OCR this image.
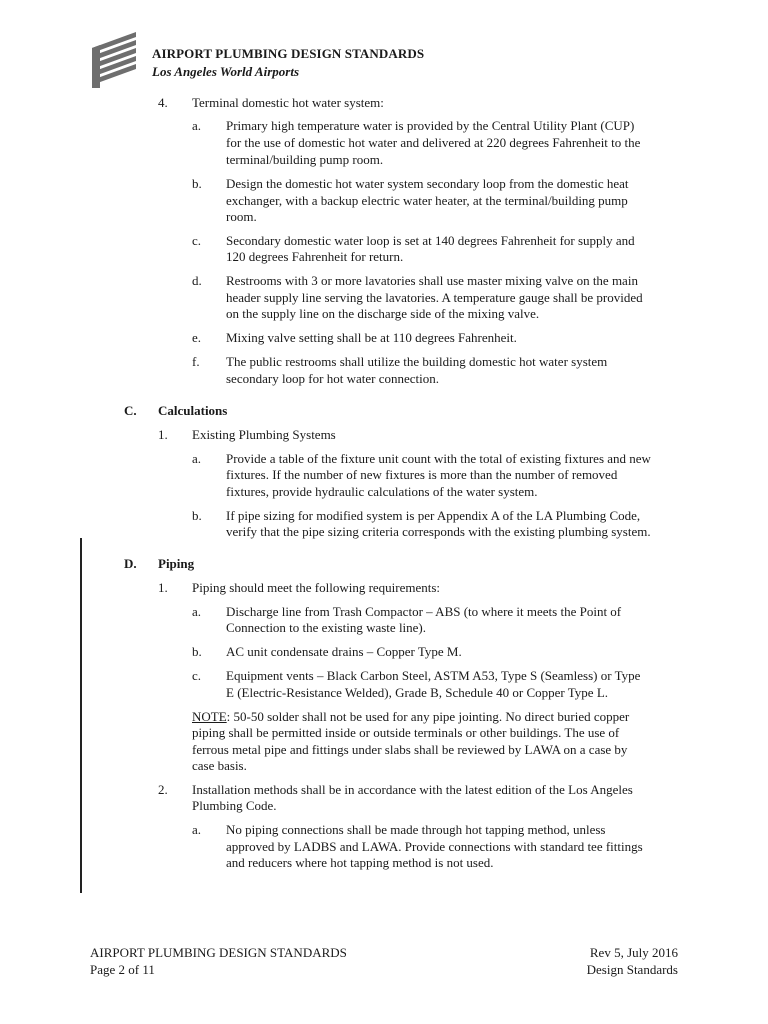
AIRPORT PLUMBING DESIGN STANDARDS
Los Angeles World Airports
4. Terminal domestic hot water system:
a. Primary high temperature water is provided by the Central Utility Plant (CUP)
for the use of domestic hot water and delivered at 220 degrees Fahrenheit to the
terminal/building pump room.
b. Design the domestic hot water system secondary loop from the domestic heat
exchanger, with a backup electric water heater, at the terminal/building pump
room.
c. Secondary domestic water loop is set at 140 degrees Fahrenheit for supply and
120 degrees Fahrenheit for return.
d. Restrooms with 3 or more lavatories shall use master mixing valve on the main
header supply line serving the lavatories. A temperature gauge shall be provided
on the supply line on the discharge side of the mixing valve.
e. Mixing valve setting shall be at 110 degrees Fahrenheit.
f. The public restrooms shall utilize the building domestic hot water system
secondary loop for hot water connection.
C. Calculations
1. Existing Plumbing Systems
a. Provide a table of the fixture unit count with the total of existing fixtures and new
fixtures. If the number of new fixtures is more than the number of removed
fixtures, provide hydraulic calculations of the water system.
b. If pipe sizing for modified system is per Appendix A of the LA Plumbing Code,
verify that the pipe sizing criteria corresponds with the existing plumbing system.
D. Piping
1. Piping should meet the following requirements:
a. Discharge line from Trash Compactor – ABS (to where it meets the Point of
Connection to the existing waste line).
b. AC unit condensate drains – Copper Type M.
c. Equipment vents – Black Carbon Steel, ASTM A53, Type S (Seamless) or Type
E (Electric-Resistance Welded), Grade B, Schedule 40 or Copper Type L.
NOTE: 50-50 solder shall not be used for any pipe jointing. No direct buried copper
piping shall be permitted inside or outside terminals or other buildings. The use of
ferrous metal pipe and fittings under slabs shall be reviewed by LAWA on a case by
case basis.
2. Installation methods shall be in accordance with the latest edition of the Los Angeles
Plumbing Code.
a. No piping connections shall be made through hot tapping method, unless
approved by LADBS and LAWA. Provide connections with standard tee fittings
and reducers where hot tapping method is not used.
AIRPORT PLUMBING DESIGN STANDARDS
Page 2 of 11
Rev 5, July 2016
Design Standards
